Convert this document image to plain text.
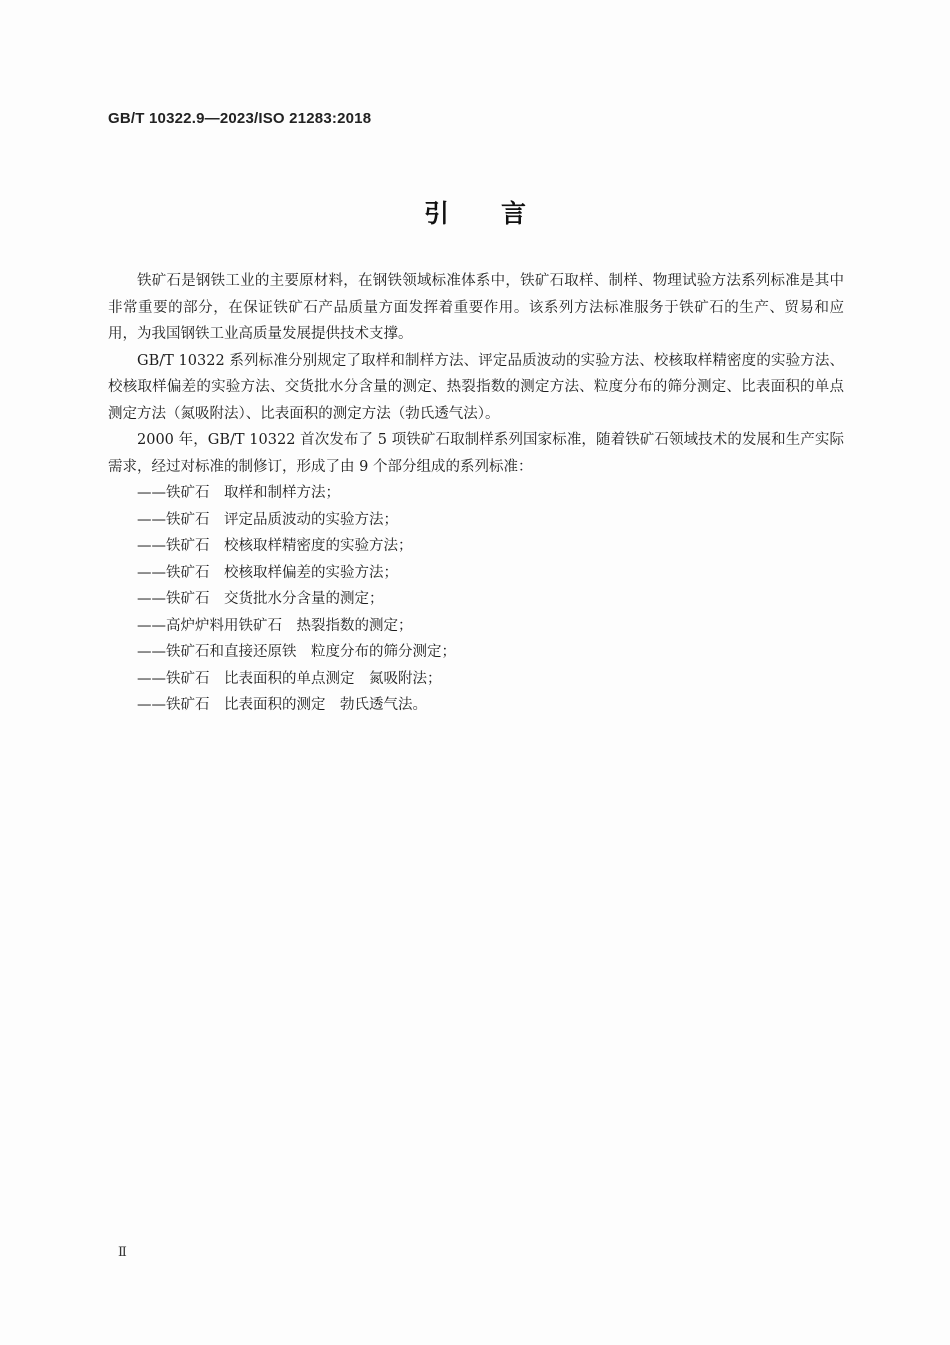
GB/T 10322.9—2023/ISO 21283:2018
引言

铁矿石是钢铁工业的主要原材料，在钢铁领域标准体系中，铁矿石取样、制样、物理试验方法系列标准是其中非常重要的部分，在保证铁矿石产品质量方面发挥着重要作用。该系列方法标准服务于铁矿石的生产、贸易和应用，为我国钢铁工业高质量发展提供技术支撑。

GB/T 10322 系列标准分别规定了取样和制样方法、评定品质波动的实验方法、校核取样精密度的实验方法、校核取样偏差的实验方法、交货批水分含量的测定、热裂指数的测定方法、粒度分布的筛分测定、比表面积的单点测定方法（氮吸附法）、比表面积的测定方法（勃氏透气法）。

2000 年，GB/T 10322 首次发布了 5 项铁矿石取制样系列国家标准，随着铁矿石领域技术的发展和生产实际需求，经过对标准的制修订，形成了由 9 个部分组成的系列标准：

——铁矿石　取样和制样方法；
——铁矿石　评定品质波动的实验方法；
——铁矿石　校核取样精密度的实验方法；
——铁矿石　校核取样偏差的实验方法；
——铁矿石　交货批水分含量的测定；
——高炉炉料用铁矿石　热裂指数的测定；
——铁矿石和直接还原铁　粒度分布的筛分测定；
——铁矿石　比表面积的单点测定　氮吸附法；
——铁矿石　比表面积的测定　勃氏透气法。
Ⅱ
